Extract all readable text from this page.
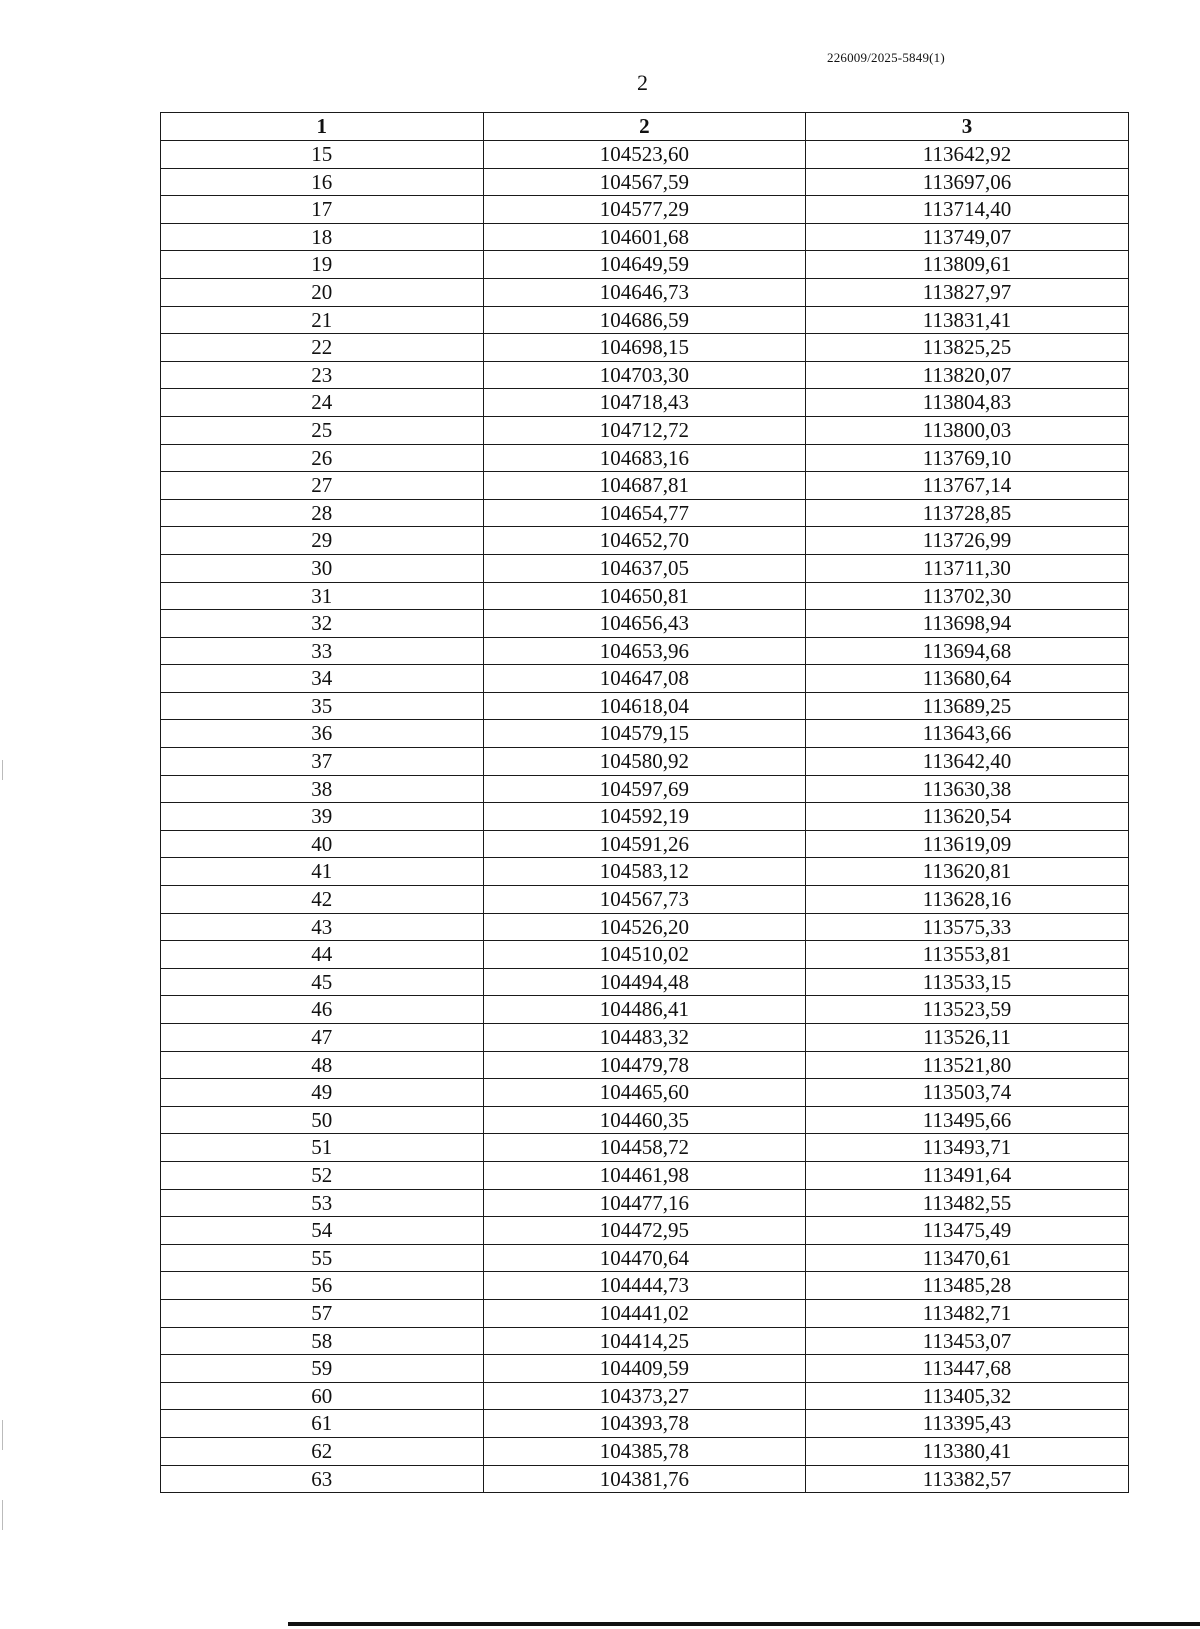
226009/2025-5849(1)
2
1	2	3
15	104523,60	113642,92
16	104567,59	113697,06
17	104577,29	113714,40
18	104601,68	113749,07
19	104649,59	113809,61
20	104646,73	113827,97
21	104686,59	113831,41
22	104698,15	113825,25
23	104703,30	113820,07
24	104718,43	113804,83
25	104712,72	113800,03
26	104683,16	113769,10
27	104687,81	113767,14
28	104654,77	113728,85
29	104652,70	113726,99
30	104637,05	113711,30
31	104650,81	113702,30
32	104656,43	113698,94
33	104653,96	113694,68
34	104647,08	113680,64
35	104618,04	113689,25
36	104579,15	113643,66
37	104580,92	113642,40
38	104597,69	113630,38
39	104592,19	113620,54
40	104591,26	113619,09
41	104583,12	113620,81
42	104567,73	113628,16
43	104526,20	113575,33
44	104510,02	113553,81
45	104494,48	113533,15
46	104486,41	113523,59
47	104483,32	113526,11
48	104479,78	113521,80
49	104465,60	113503,74
50	104460,35	113495,66
51	104458,72	113493,71
52	104461,98	113491,64
53	104477,16	113482,55
54	104472,95	113475,49
55	104470,64	113470,61
56	104444,73	113485,28
57	104441,02	113482,71
58	104414,25	113453,07
59	104409,59	113447,68
60	104373,27	113405,32
61	104393,78	113395,43
62	104385,78	113380,41
63	104381,76	113382,57
